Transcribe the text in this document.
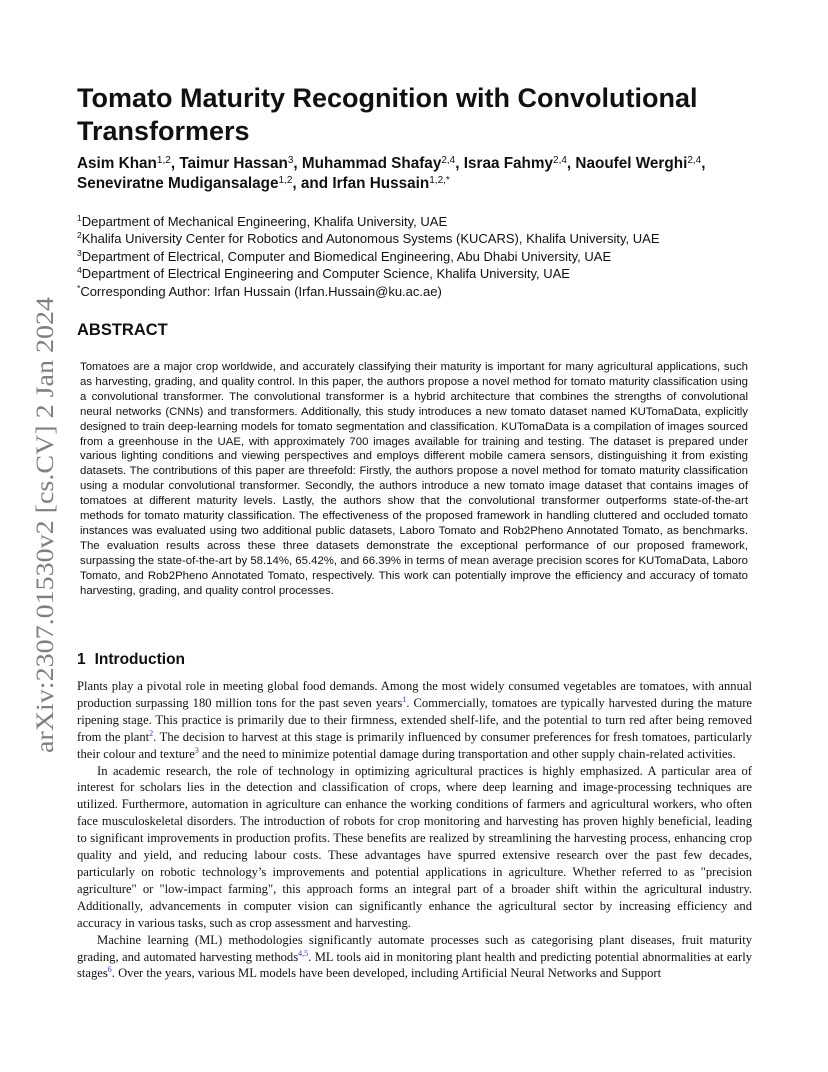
arXiv:2307.01530v2 [cs.CV] 2 Jan 2024
Tomato Maturity Recognition with Convolutional Transformers
Asim Khan$^{1,2}$, Taimur Hassan$^3$, Muhammad Shafay$^{2,4}$, Israa Fahmy$^{2,4}$, Naoufel Werghi$^{2,4}$,
Seneviratne Mudigansalage$^{1,2}$, and Irfan Hussain$^{1,2,*}$
$^1$Department of Mechanical Engineering, Khalifa University, UAE
$^2$Khalifa University Center for Robotics and Autonomous Systems (KUCARS), Khalifa University, UAE
$^3$Department of Electrical, Computer and Biomedical Engineering, Abu Dhabi University, UAE
$^4$Department of Electrical Engineering and Computer Science, Khalifa University, UAE
*Corresponding Author: Irfan Hussain (Irfan.Hussain@ku.ac.ae)
ABSTRACT

Tomatoes are a major crop worldwide, and accurately classifying their maturity is important for many agricultural applications, such as harvesting, grading, and quality control. In this paper, the authors propose a novel method for tomato maturity classification using a convolutional transformer. The convolutional transformer is a hybrid architecture that combines the strengths of convolutional neural networks (CNNs) and transformers. Additionally, this study introduces a new tomato dataset named KUTomaData, explicitly designed to train deep-learning models for tomato segmentation and classification. KUTomaData is a compilation of images sourced from a greenhouse in the UAE, with approximately 700 images available for training and testing. The dataset is prepared under various lighting conditions and viewing perspectives and employs different mobile camera sensors, distinguishing it from existing datasets. The contributions of this paper are threefold: Firstly, the authors propose a novel method for tomato maturity classification using a modular convolutional transformer. Secondly, the authors introduce a new tomato image dataset that contains images of tomatoes at different maturity levels. Lastly, the authors show that the convolutional transformer outperforms state-of-the-art methods for tomato maturity classification. The effectiveness of the proposed framework in handling cluttered and occluded tomato instances was evaluated using two additional public datasets, Laboro Tomato and Rob2Pheno Annotated Tomato, as benchmarks. The evaluation results across these three datasets demonstrate the exceptional performance of our proposed framework, surpassing the state-of-the-art by 58.14%, 65.42%, and 66.39% in terms of mean average precision scores for KUTomaData, Laboro Tomato, and Rob2Pheno Annotated Tomato, respectively. This work can potentially improve the efficiency and accuracy of tomato harvesting, grading, and quality control processes.

1 Introduction

Plants play a pivotal role in meeting global food demands. Among the most widely consumed vegetables are tomatoes, with annual production surpassing 180 million tons for the past seven years$^1$. Commercially, tomatoes are typically harvested during the mature ripening stage. This practice is primarily due to their firmness, extended shelf-life, and the potential to turn red after being removed from the plant$^2$. The decision to harvest at this stage is primarily influenced by consumer preferences for fresh tomatoes, particularly their colour and texture$^3$ and the need to minimize potential damage during transportation and other supply chain-related activities.

In academic research, the role of technology in optimizing agricultural practices is highly emphasized. A particular area of interest for scholars lies in the detection and classification of crops, where deep learning and image-processing techniques are utilized. Furthermore, automation in agriculture can enhance the working conditions of farmers and agricultural workers, who often face musculoskeletal disorders. The introduction of robots for crop monitoring and harvesting has proven highly beneficial, leading to significant improvements in production profits. These benefits are realized by streamlining the harvesting process, enhancing crop quality and yield, and reducing labour costs. These advantages have spurred extensive research over the past few decades, particularly on robotic technology’s improvements and potential applications in agriculture. Whether referred to as "precision agriculture" or "low-impact farming", this approach forms an integral part of a broader shift within the agricultural industry. Additionally, advancements in computer vision can significantly enhance the agricultural sector by increasing efficiency and accuracy in various tasks, such as crop assessment and harvesting.

Machine learning (ML) methodologies significantly automate processes such as categorising plant diseases, fruit maturity grading, and automated harvesting methods$^{4,5}$. ML tools aid in monitoring plant health and predicting potential abnormalities at early stages$^6$. Over the years, various ML models have been developed, including Artificial Neural Networks and Support
